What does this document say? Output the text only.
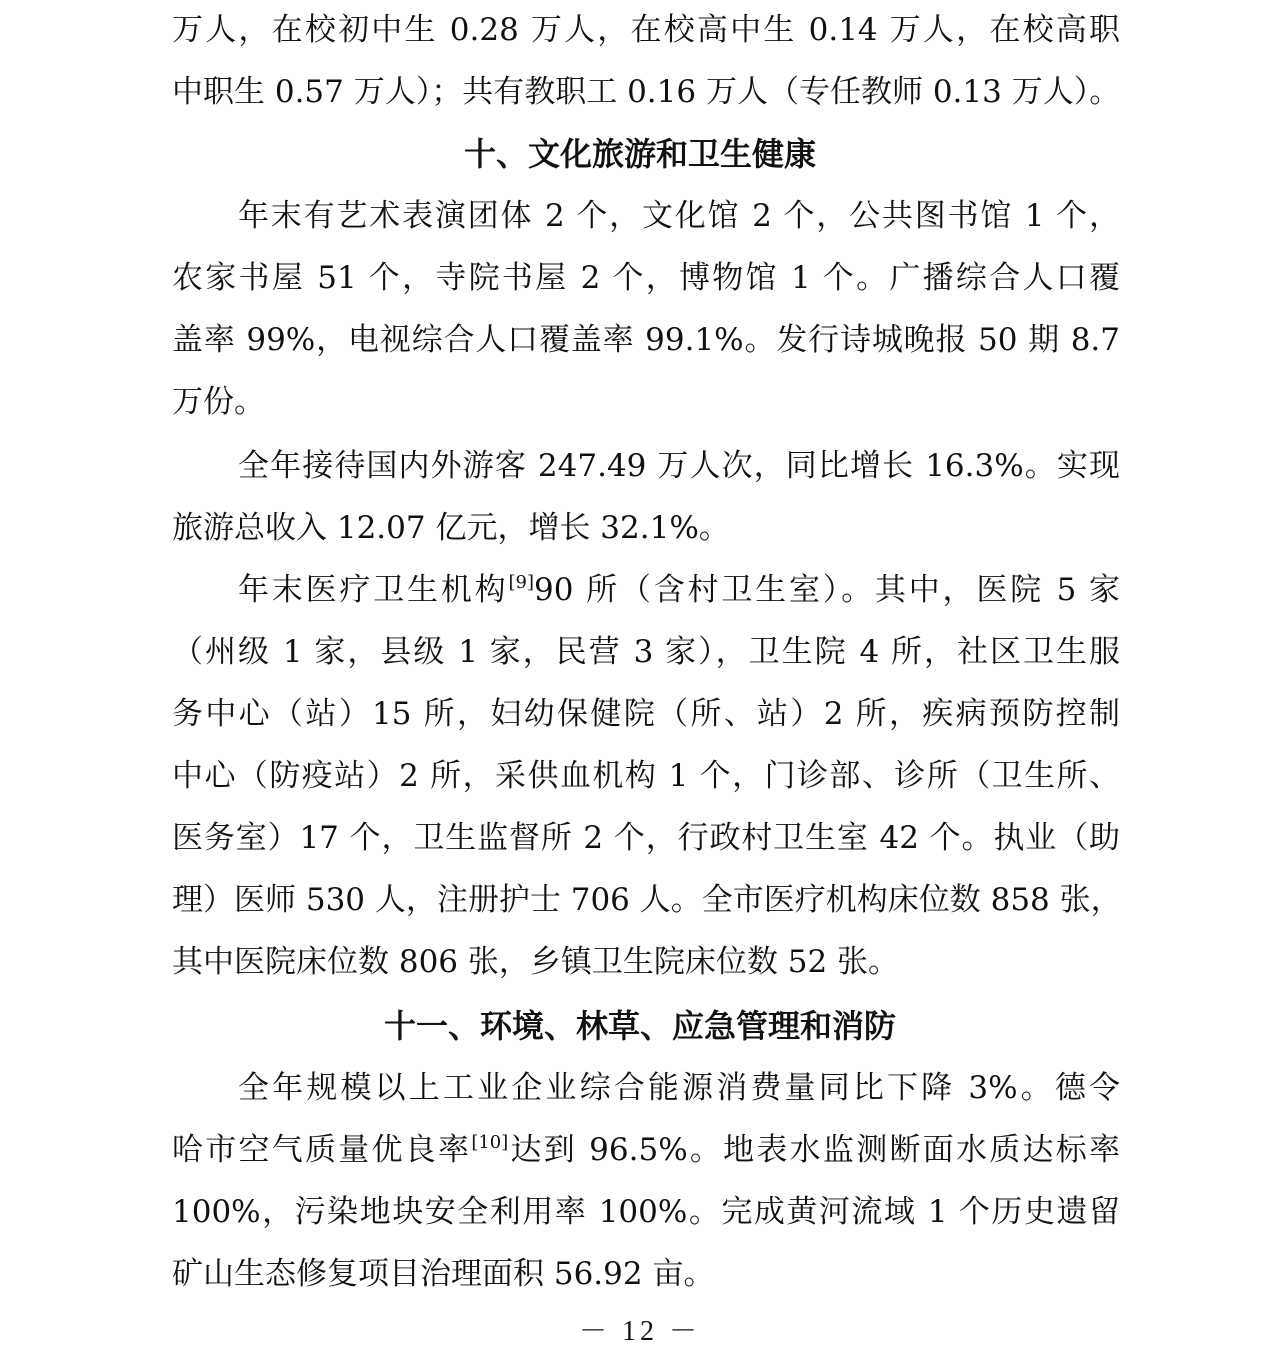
万人，在校初中生 0.28 万人，在校高中生 0.14 万人，在校高职
中职生 0.57 万人）；共有教职工 0.16 万人（专任教师 0.13 万人）。
十、文化旅游和卫生健康
年末有艺术表演团体 2 个，文化馆 2 个，公共图书馆 1 个，
农家书屋 51 个，寺院书屋 2 个，博物馆 1 个。广播综合人口覆
盖率 99%，电视综合人口覆盖率 99.1%。发行诗城晚报 50 期 8.7
万份。
全年接待国内外游客 247.49 万人次，同比增长 16.3%。实现
旅游总收入 12.07 亿元，增长 32.1%。
年末医疗卫生机构[9]90 所（含村卫生室）。其中，医院 5 家
（州级 1 家，县级 1 家，民营 3 家），卫生院 4 所，社区卫生服
务中心（站）15 所，妇幼保健院（所、站）2 所，疾病预防控制
中心（防疫站）2 所，采供血机构 1 个，门诊部、诊所（卫生所、
医务室）17 个，卫生监督所 2 个，行政村卫生室 42 个。执业（助
理）医师 530 人，注册护士 706 人。全市医疗机构床位数 858 张，
其中医院床位数 806 张，乡镇卫生院床位数 52 张。
十一、环境、林草、应急管理和消防
全年规模以上工业企业综合能源消费量同比下降 3%。德令
哈市空气质量优良率[10]达到 96.5%。地表水监测断面水质达标率
100%，污染地块安全利用率 100%。完成黄河流域 1 个历史遗留
矿山生态修复项目治理面积 56.92 亩。
－ 12 －
